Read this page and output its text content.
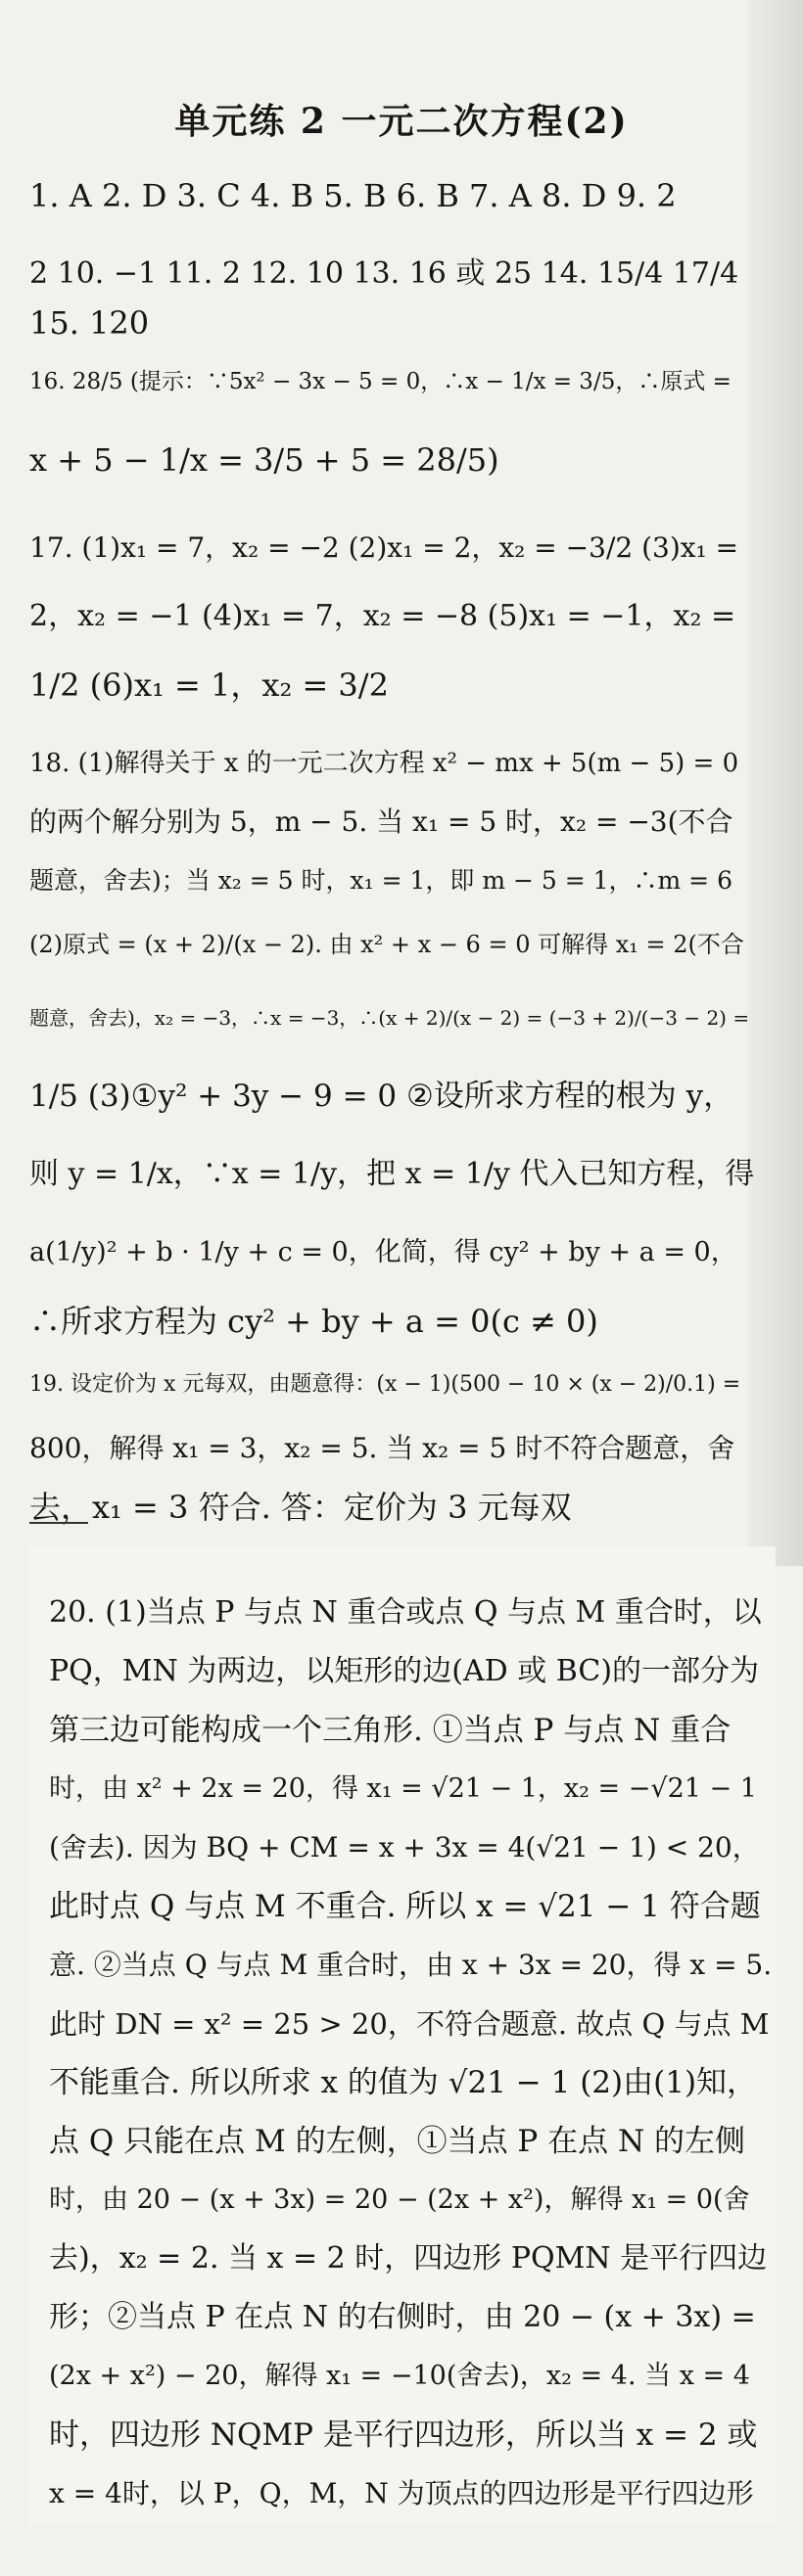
单元练 2 一元二次方程(2)
1. A 2. D 3. C 4. B 5. B 6. B 7. A 8. D 9. 2
2 10. −1 11. 2 12. 10 13. 16 或 25 14. 15/4 17/4
15. 120
16. 28/5 (提示：∵5x² − 3x − 5 = 0，∴x − 1/x = 3/5，∴原式 =
x + 5 − 1/x = 3/5 + 5 = 28/5)
17. (1)x₁ = 7，x₂ = −2 (2)x₁ = 2，x₂ = −3/2 (3)x₁ =
2，x₂ = −1 (4)x₁ = 7，x₂ = −8 (5)x₁ = −1，x₂ =
1/2 (6)x₁ = 1，x₂ = 3/2
18. (1)解得关于 x 的一元二次方程 x² − mx + 5(m − 5) = 0
的两个解分别为 5，m − 5. 当 x₁ = 5 时，x₂ = −3(不合
题意，舍去)；当 x₂ = 5 时，x₁ = 1，即 m − 5 = 1，∴m = 6
(2)原式 = (x + 2)/(x − 2). 由 x² + x − 6 = 0 可解得 x₁ = 2(不合
题意，舍去)，x₂ = −3，∴x = −3，∴(x + 2)/(x − 2) = (−3 + 2)/(−3 − 2) =
1/5 (3)①y² + 3y − 9 = 0 ②设所求方程的根为 y，
则 y = 1/x，∵x = 1/y，把 x = 1/y 代入已知方程，得
a(1/y)² + b · 1/y + c = 0，化简，得 cy² + by + a = 0，
∴所求方程为 cy² + by + a = 0(c ≠ 0)
19. 设定价为 x 元每双，由题意得：(x − 1)(500 − 10 × (x − 2)/0.1) =
800，解得 x₁ = 3，x₂ = 5. 当 x₂ = 5 时不符合题意，舍
去，x₁ = 3 符合. 答：定价为 3 元每双
20. (1)当点 P 与点 N 重合或点 Q 与点 M 重合时，以
PQ，MN 为两边，以矩形的边(AD 或 BC)的一部分为
第三边可能构成一个三角形. ①当点 P 与点 N 重合
时，由 x² + 2x = 20，得 x₁ = √21 − 1，x₂ = −√21 − 1
(舍去). 因为 BQ + CM = x + 3x = 4(√21 − 1) < 20，
此时点 Q 与点 M 不重合. 所以 x = √21 − 1 符合题
意. ②当点 Q 与点 M 重合时，由 x + 3x = 20，得 x = 5.
此时 DN = x² = 25 > 20，不符合题意. 故点 Q 与点 M
不能重合. 所以所求 x 的值为 √21 − 1 (2)由(1)知，
点 Q 只能在点 M 的左侧，①当点 P 在点 N 的左侧
时，由 20 − (x + 3x) = 20 − (2x + x²)，解得 x₁ = 0(舍
去)，x₂ = 2. 当 x = 2 时，四边形 PQMN 是平行四边
形；②当点 P 在点 N 的右侧时，由 20 − (x + 3x) =
(2x + x²) − 20，解得 x₁ = −10(舍去)，x₂ = 4. 当 x = 4
时，四边形 NQMP 是平行四边形，所以当 x = 2 或
x = 4时，以 P，Q，M，N 为顶点的四边形是平行四边形
